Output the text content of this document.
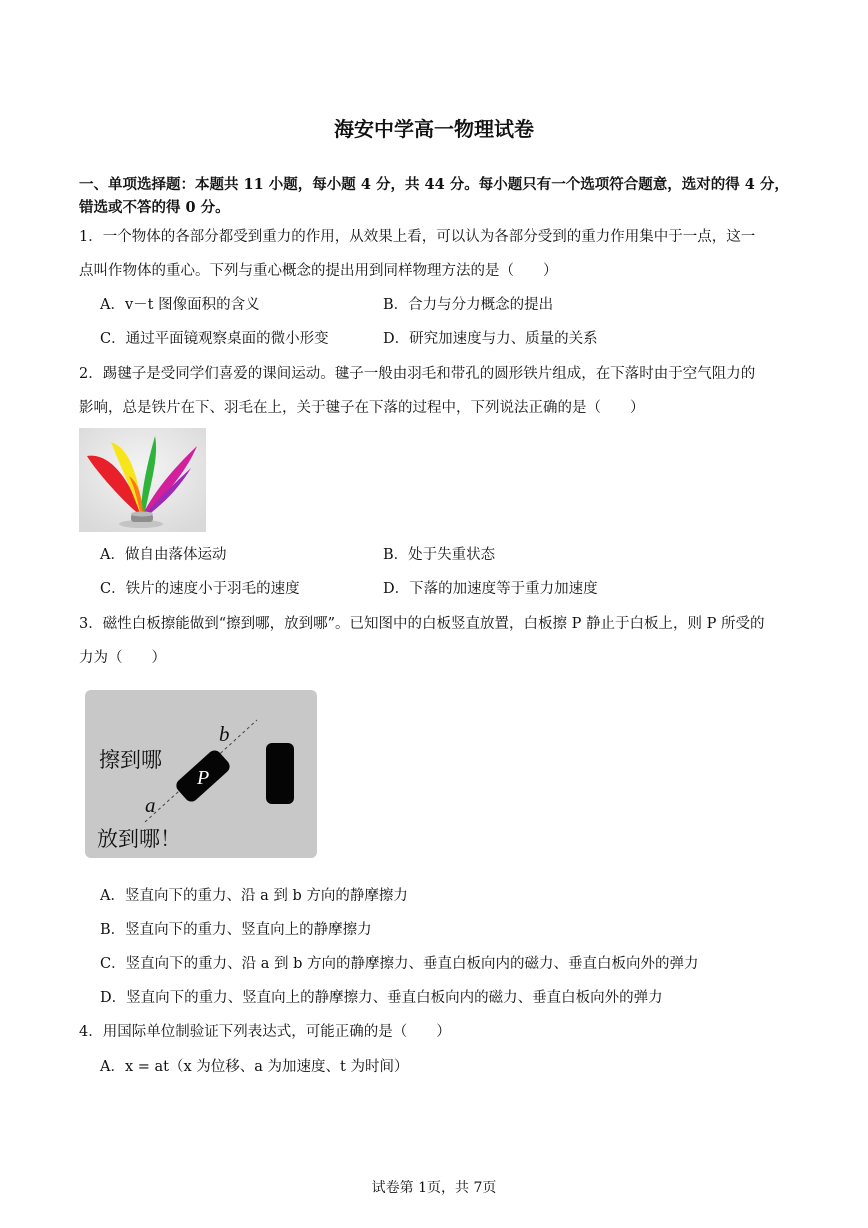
海安中学高一物理试卷
一、单项选择题：本题共 11 小题，每小题 4 分，共 44 分。每小题只有一个选项符合题意，选对的得 4 分，
错选或不答的得 0 分。
1．一个物体的各部分都受到重力的作用，从效果上看，可以认为各部分受到的重力作用集中于一点，这一
点叫作物体的重心。下列与重心概念的提出用到同样物理方法的是（　　）
A．v－t 图像面积的含义	B．合力与分力概念的提出
C．通过平面镜观察桌面的微小形变	D．研究加速度与力、质量的关系
2．踢毽子是受同学们喜爱的课间运动。毽子一般由羽毛和带孔的圆形铁片组成，在下落时由于空气阻力的
影响，总是铁片在下、羽毛在上，关于毽子在下落的过程中，下列说法正确的是（　　）
A．做自由落体运动	B．处于失重状态
C．铁片的速度小于羽毛的速度	D．下落的加速度等于重力加速度
3．磁性白板擦能做到“擦到哪，放到哪”。已知图中的白板竖直放置，白板擦 P 静止于白板上，则 P 所受的
力为（　　）
擦到哪
放到哪！
P
b
a
A．竖直向下的重力、沿 a 到 b 方向的静摩擦力
B．竖直向下的重力、竖直向上的静摩擦力
C．竖直向下的重力、沿 a 到 b 方向的静摩擦力、垂直白板向内的磁力、垂直白板向外的弹力
D．竖直向下的重力、竖直向上的静摩擦力、垂直白板向内的磁力、垂直白板向外的弹力
4．用国际单位制验证下列表达式，可能正确的是（　　）
A．x = at（x 为位移、a 为加速度、t 为时间）
试卷第 1页，共 7页
